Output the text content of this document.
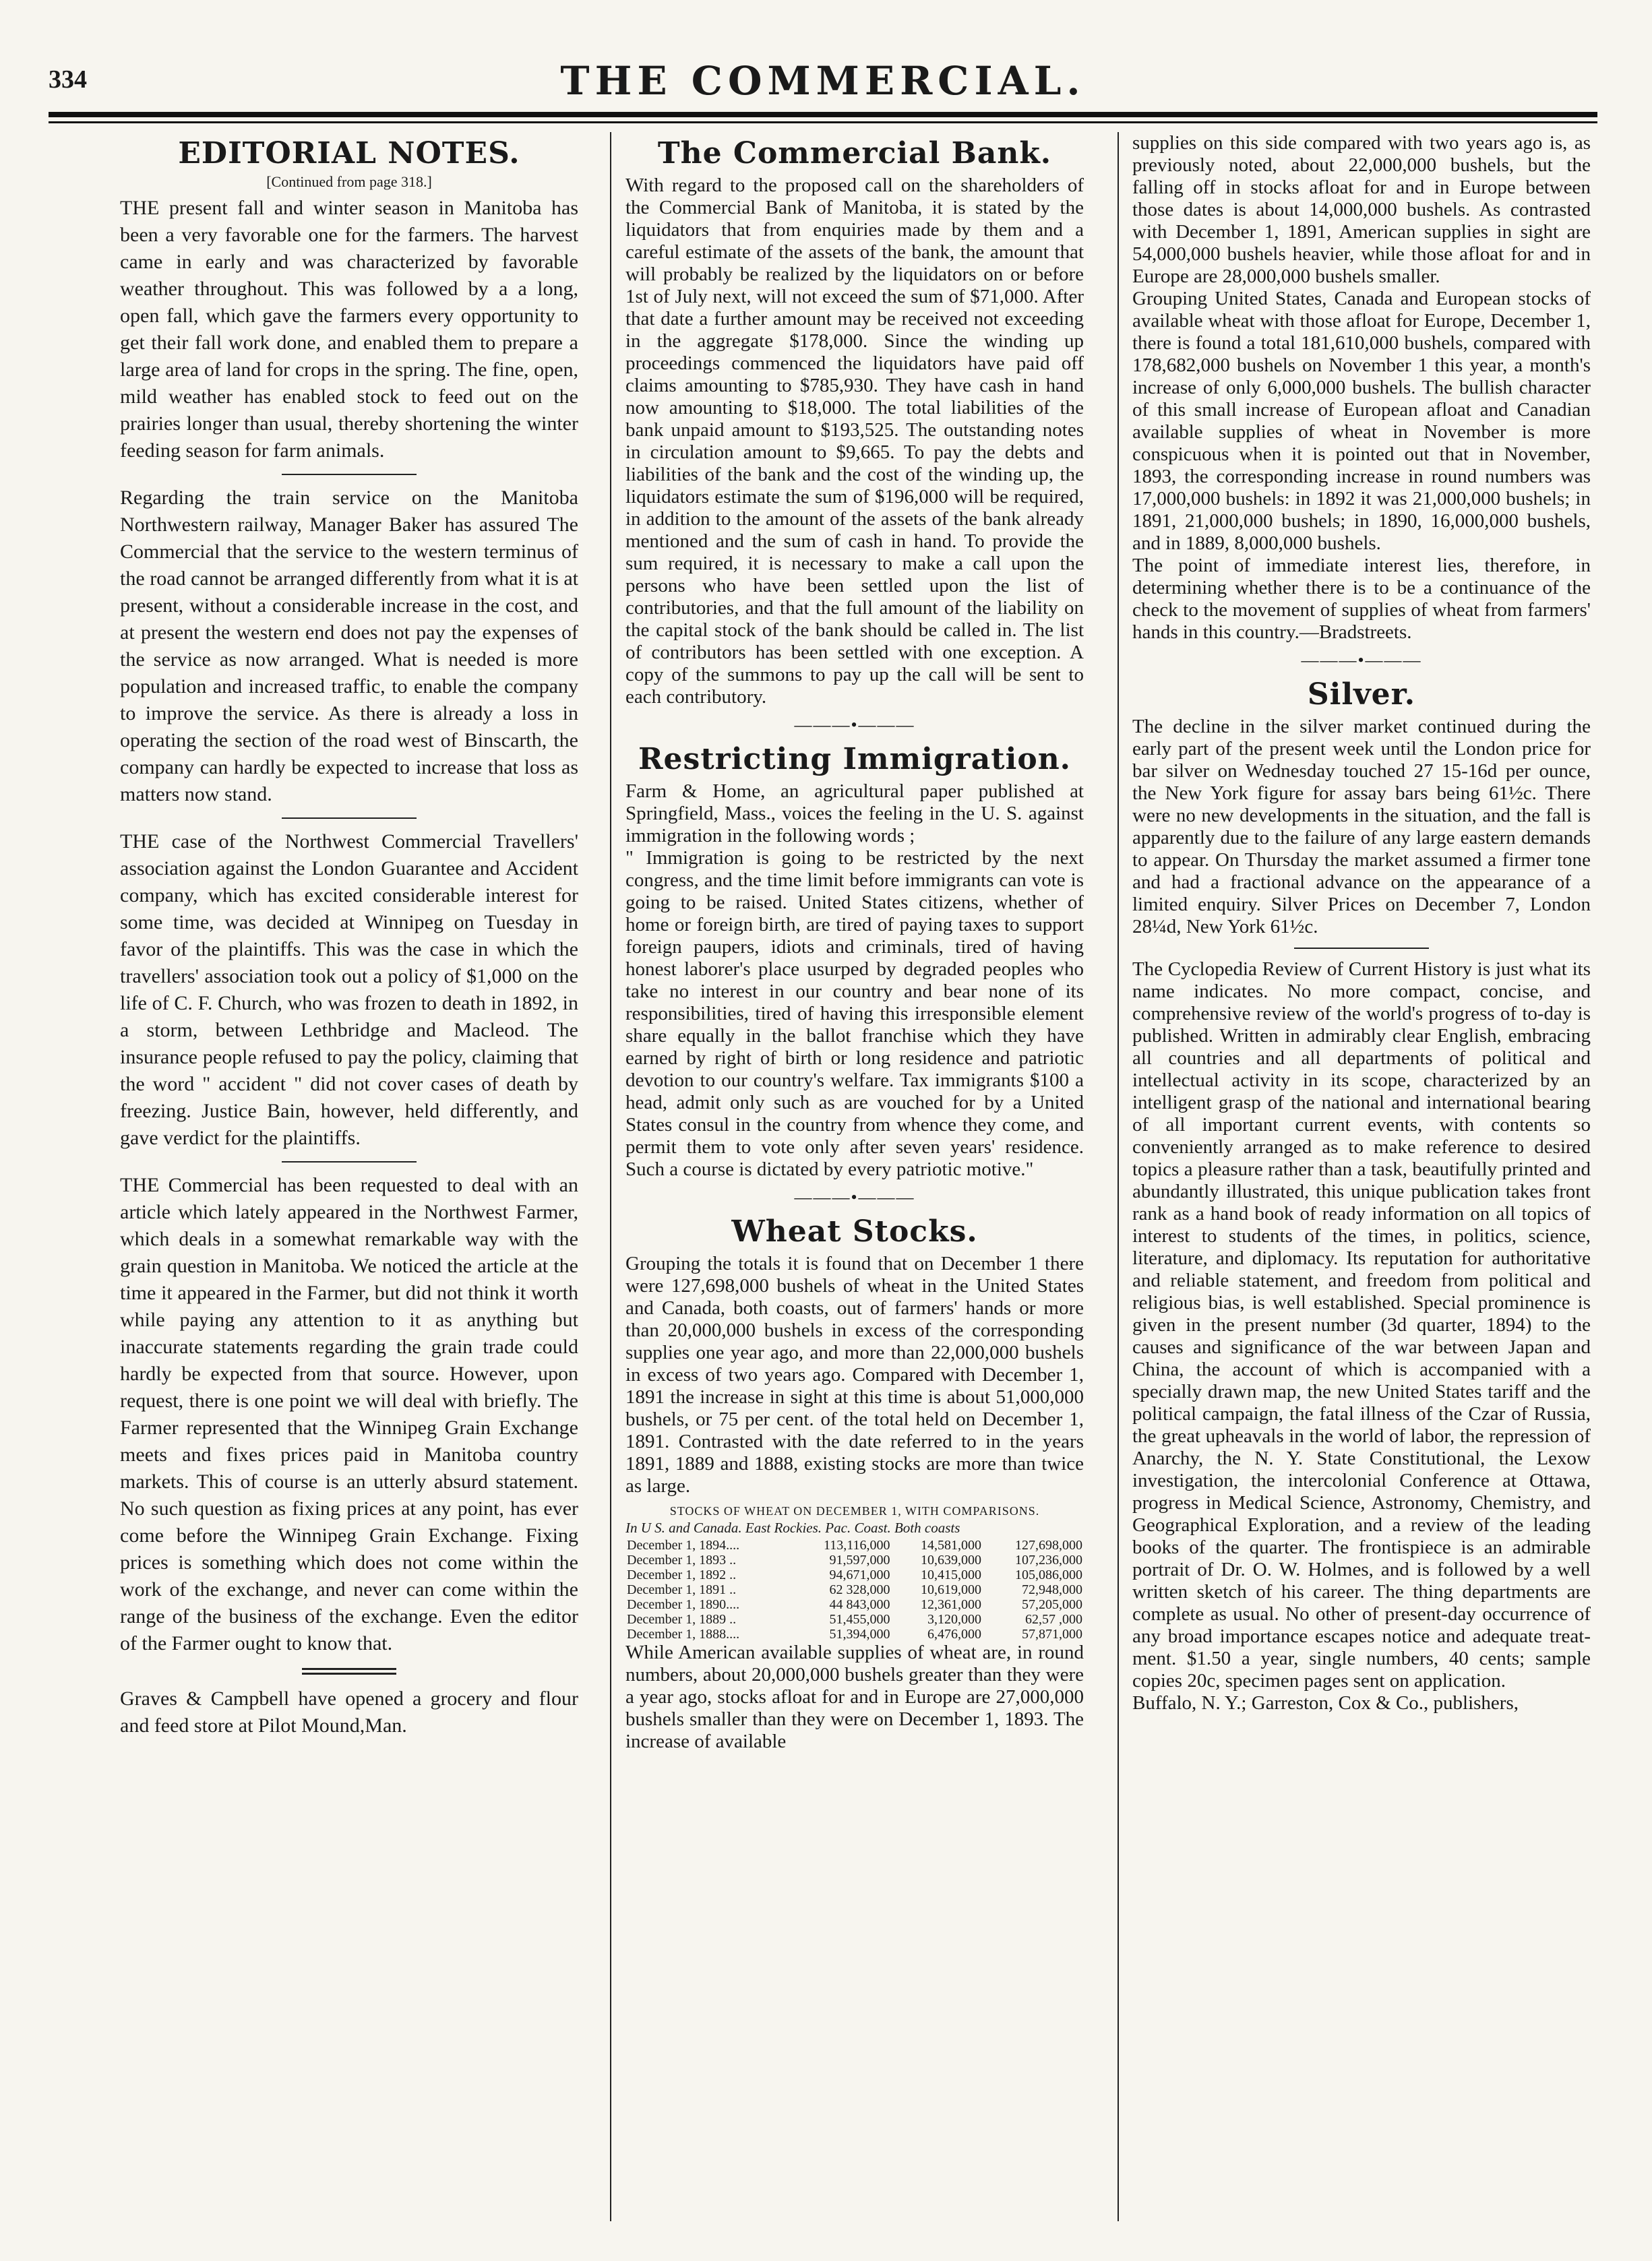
334	THE COMMERCIAL.
EDITORIAL NOTES.
[Continued from page 318.]

THE present fall and winter season in Manitoba has been a very favorable one for the farmers. The harvest came in early and was characterized by favorable weather throughout. This was followed by a a long, open fall, which gave the farmers every opportunity to get their fall work done, and enabled them to prepare a large area of land for crops in the spring. The fine, open, mild weather has enabled stock to feed out on the prairies longer than usual, thereby shortening the winter feeding season for farm animals.

Regarding the train service on the Manitoba Northwestern railway, Manager Baker has assured The Commercial that the service to the western terminus of the road cannot be arranged differently from what it is at present, without a considerable increase in the cost, and at present the western end does not pay the expenses of the service as now arranged. What is needed is more population and increased traffic, to enable the company to improve the service. As there is already a loss in operating the section of the road west of Binscarth, the company can hardly be expected to increase that loss as matters now stand.

THE case of the Northwest Commercial Travellers' association against the London Guarantee and Accident company, which has excited considerable interest for some time, was decided at Winnipeg on Tuesday in favor of the plaintiffs. This was the case in which the travellers' association took out a policy of $1,000 on the life of C. F. Church, who was frozen to death in 1892, in a storm, between Lethbridge and Macleod. The insurance people refused to pay the policy, claiming that the word " accident " did not cover cases of death by freezing. Justice Bain, however, held differently, and gave verdict for the plaintiffs.

THE Commercial has been requested to deal with an article which lately appeared in the Northwest Farmer, which deals in a somewhat remarkable way with the grain question in Manitoba. We noticed the article at the time it appeared in the Farmer, but did not think it worth while paying any attention to it as anything but inaccurate statements regarding the grain trade could hardly be expected from that source. However, upon request, there is one point we will deal with briefly. The Farmer represented that the Winnipeg Grain Exchange meets and fixes prices paid in Manitoba country markets. This of course is an utterly absurd statement. No such question as fixing prices at any point, has ever come before the Winnipeg Grain Exchange. Fixing prices is something which does not come within the work of the exchange, and never can come within the range of the business of the exchange. Even the editor of the Farmer ought to know that.

Graves & Campbell have opened a grocery and flour and feed store at Pilot Mound,Man.

The Commercial Bank.

With regard to the proposed call on the shareholders of the Commercial Bank of Manitoba, it is stated by the liquidators that from enquiries made by them and a careful estimate of the assets of the bank, the amount that will probably be realized by the liquidators on or before 1st of July next, will not exceed the sum of $71,000. After that date a further amount may be received not exceeding in the aggregate $178,000. Since the winding up proceedings commenced the liquidators have paid off claims amounting to $785,930. They have cash in hand now amounting to $18,000. The total liabilities of the bank unpaid amount to $193,525. The outstanding notes in circulation amount to $9,665. To pay the debts and liabilities of the bank and the cost of the winding up, the liquidators estimate the sum of $196,000 will be required, in addition to the amount of the assets of the bank already mentioned and the sum of cash in hand. To provide the sum required, it is necessary to make a call upon the persons who have been settled upon the list of contributories, and that the full amount of the liability on the capital stock of the bank should be called in. The list of contributors has been settled with one exception. A copy of the summons to pay up the call will be sent to each contributory.

———•———
Restricting Immigration.

Farm & Home, an agricultural paper published at Springfield, Mass., voices the feeling in the U. S. against immigration in the following words ;

" Immigration is going to be restricted by the next congress, and the time limit before immigrants can vote is going to be raised. United States citizens, whether of home or foreign birth, are tired of paying taxes to support foreign paupers, idiots and criminals, tired of having honest laborer's place usurped by degraded peoples who take no interest in our country and bear none of its responsibilities, tired of having this irresponsible element share equally in the ballot franchise which they have earned by right of birth or long residence and patriotic devotion to our country's welfare. Tax immigrants $100 a head, admit only such as are vouched for by a United States consul in the country from whence they come, and permit them to vote only after seven years' residence. Such a course is dictated by every patriotic motive."

———•———
Wheat Stocks.

Grouping the totals it is found that on December 1 there were 127,698,000 bushels of wheat in the United States and Canada, both coasts, out of farmers' hands or more than 20,000,000 bushels in excess of the corresponding supplies one year ago, and more than 22,000,000 bushels in excess of two years ago. Compared with December 1, 1891 the increase in sight at this time is about 51,000,000 bushels, or 75 per cent. of the total held on December 1, 1891. Contrasted with the date referred to in the years 1891, 1889 and 1888, existing stocks are more than twice as large.

STOCKS OF WHEAT ON DECEMBER 1, WITH COMPARISONS.
In U S. and Canada. East Rockies. Pac. Coast. Both coasts
December 1, 1894....	113,116,000	14,581,000	127,698,000
December 1, 1893 ..	91,597,000	10,639,000	107,236,000
December 1, 1892 ..	94,671,000	10,415,000	105,086,000
December 1, 1891 ..	62 328,000	10,619,000	72,948,000
December 1, 1890....	44 843,000	12,361,000	57,205,000
December 1, 1889 ..	51,455,000	3,120,000	62,57 ,000
December 1, 1888....	51,394,000	6,476,000	57,871,000

While American available supplies of wheat are, in round numbers, about 20,000,000 bushels greater than they were a year ago, stocks afloat for and in Europe are 27,000,000 bushels smaller than they were on December 1, 1893. The increase of available

supplies on this side compared with two years ago is, as previously noted, about 22,000,000 bushels, but the falling off in stocks afloat for and in Europe between those dates is about 14,000,000 bushels. As contrasted with December 1, 1891, American supplies in sight are 54,000,000 bushels heavier, while those afloat for and in Europe are 28,000,000 bushels smaller.

Grouping United States, Canada and European stocks of available wheat with those afloat for Europe, December 1, there is found a total 181,610,000 bushels, compared with 178,682,000 bushels on November 1 this year, a month's increase of only 6,000,000 bushels. The bullish character of this small increase of European afloat and Canadian available supplies of wheat in November is more conspicuous when it is pointed out that in November, 1893, the corresponding increase in round numbers was 17,000,000 bushels: in 1892 it was 21,000,000 bushels; in 1891, 21,000,000 bushels; in 1890, 16,000,000 bushels, and in 1889, 8,000,000 bushels.

The point of immediate interest lies, therefore, in determining whether there is to be a continuance of the check to the movement of supplies of wheat from farmers' hands in this country.—Bradstreets.

———•———
Silver.

The decline in the silver market continued during the early part of the present week until the London price for bar silver on Wednesday touched 27 15-16d per ounce, the New York figure for assay bars being 61½c. There were no new developments in the situation, and the fall is apparently due to the failure of any large eastern demands to appear. On Thursday the market assumed a firmer tone and had a fractional advance on the appearance of a limited enquiry. Silver Prices on December 7, London 28¼d, New York 61½c.

The Cyclopedia Review of Current History is just what its name indicates. No more compact, concise, and comprehensive review of the world's progress of to-day is published. Written in admirably clear English, embracing all countries and all departments of political and intellectual activity in its scope, characterized by an intelligent grasp of the national and international bearing of all important current events, with contents so conveniently arranged as to make reference to desired topics a pleasure rather than a task, beautifully printed and abundantly illustrated, this unique publication takes front rank as a hand book of ready information on all topics of interest to students of the times, in politics, science, literature, and diplomacy. Its reputation for authoritative and reliable statement, and freedom from political and religious bias, is well established. Special prominence is given in the present number (3d quarter, 1894) to the causes and significance of the war between Japan and China, the account of which is accompanied with a specially drawn map, the new United States tariff and the political campaign, the fatal illness of the Czar of Russia, the great upheavals in the world of labor, the repression of Anarchy, the N. Y. State Constitutional, the Lexow investigation, the intercolonial Conference at Ottawa, progress in Medical Science, Astronomy, Chemistry, and Geographical Exploration, and a review of the leading books of the quarter. The frontispiece is an admirable portrait of Dr. O. W. Holmes, and is followed by a well written sketch of his career. The thing departments are complete as usual. No other of present-day occurrence of any broad importance escapes notice and adequate treat-ment. $1.50 a year, single numbers, 40 cents; sample copies 20c, specimen pages sent on application.

Buffalo, N. Y.; Garreston, Cox & Co., publishers,
